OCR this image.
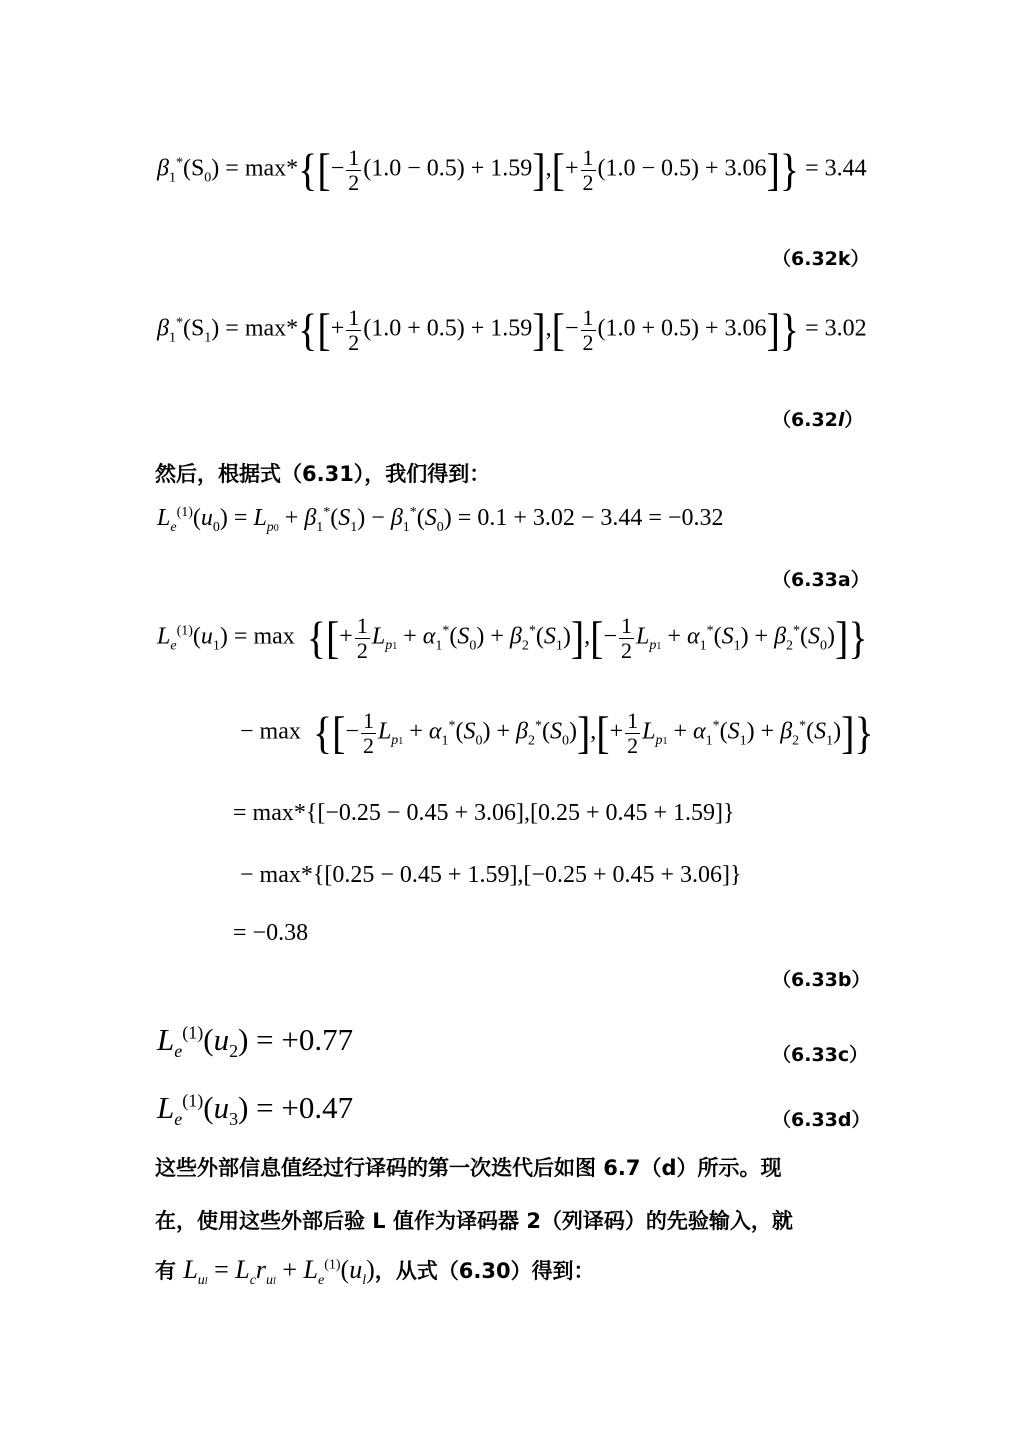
$\beta_1^*(S_0) = \max*\{[- \frac{1}{2} (1.0 - 0.5) + 1.59],[+ \frac{1}{2} (1.0 - 0.5) + 3.06]\} = 3.44$
（6.32k）
$\beta_1^*(S_1) = \max*\{[+ \frac{1}{2} (1.0 + 0.5) + 1.59],[- \frac{1}{2} (1.0 + 0.5) + 3.06]\} = 3.02$
（6.32l）
然后，根据式（6.31），我们得到：
$L_e^{(1)}(u_0) = L_{p0} + \beta_1^*(S_1) - \beta_1^*(S_0) = 0.1 + 3.02 - 3.44 = -0.32$
（6.33a）
$L_e^{(1)}(u_1) = \max$ {[+ $\frac{1}{2} L_{p1} + \alpha_1^*(S_0) + \beta_2^*(S_1)],[- \frac{1}{2} L_{p1} + \alpha_1^*(S_1) + \beta_2^*(S_0)]$}
− max {[− $\frac{1}{2} L_{p1} + \alpha_1^*(S_0) + \beta_2^*(S_0)],[+ \frac{1}{2} L_{p1} + \alpha_1^*(S_1) + \beta_2^*(S_1)]$}
= max*{[−0.25 − 0.45 + 3.06],[0.25 + 0.45 + 1.59]}
− max*{[0.25 − 0.45 + 1.59],[−0.25 + 0.45 + 3.06]}
= −0.38
（6.33b）
$L_e^{(1)}(u_2) = +0.77$	（6.33c）
$L_e^{(1)}(u_3) = +0.47$	（6.33d）
这些外部信息值经过行译码的第一次迭代后如图 6.7（d）所示。现
在，使用这些外部后验 L 值作为译码器 2（列译码）的先验输入，就
有 $L_{ul} = L_cr_{ul} + L_e^{(1)}(u_l)$，从式（6.30）得到：
